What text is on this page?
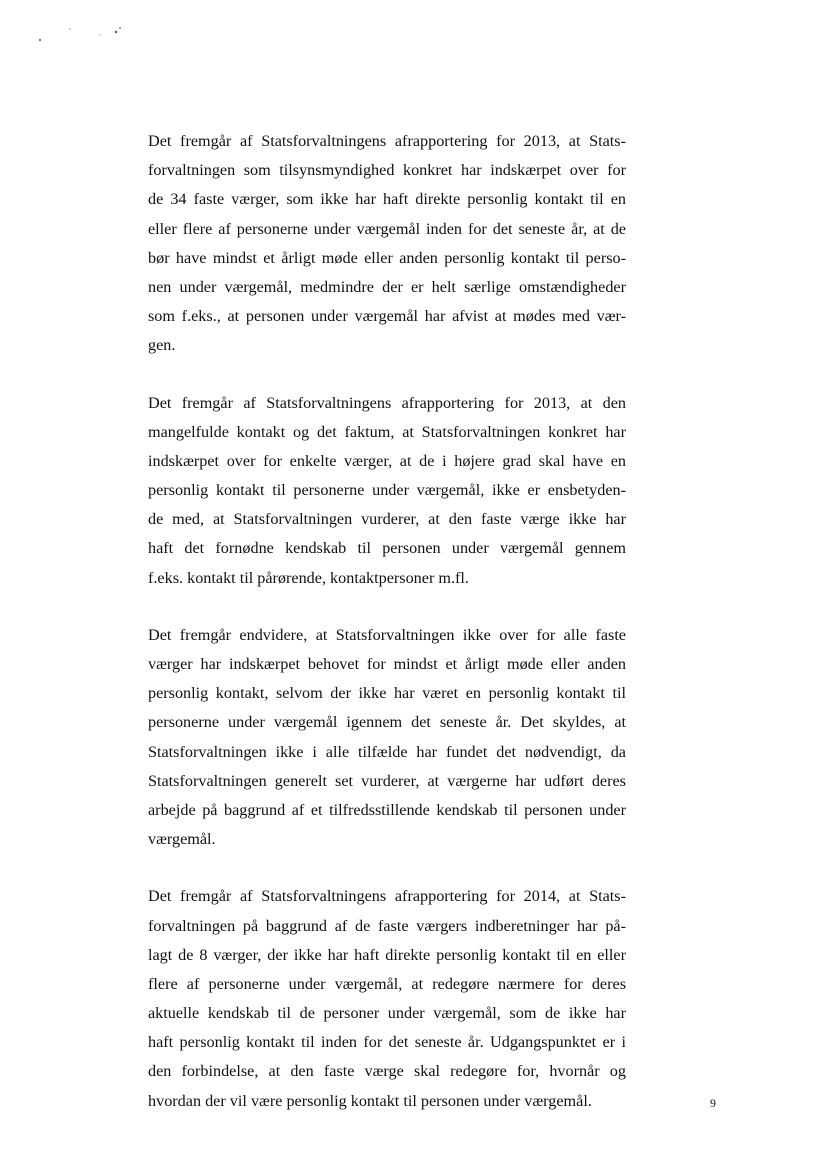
Det fremgår af Statsforvaltningens afrapportering for 2013, at Stats-
forvaltningen som tilsynsmyndighed konkret har indskærpet over for
de 34 faste værger, som ikke har haft direkte personlig kontakt til en
eller flere af personerne under værgemål inden for det seneste år, at de
bør have mindst et årligt møde eller anden personlig kontakt til perso-
nen under værgemål, medmindre der er helt særlige omstændigheder
som f.eks., at personen under værgemål har afvist at mødes med vær-
gen.
Det fremgår af Statsforvaltningens afrapportering for 2013, at den
mangelfulde kontakt og det faktum, at Statsforvaltningen konkret har
indskærpet over for enkelte værger, at de i højere grad skal have en
personlig kontakt til personerne under værgemål, ikke er ensbetyden-
de med, at Statsforvaltningen vurderer, at den faste værge ikke har
haft det fornødne kendskab til personen under værgemål gennem
f.eks. kontakt til pårørende, kontaktpersoner m.fl.
Det fremgår endvidere, at Statsforvaltningen ikke over for alle faste
værger har indskærpet behovet for mindst et årligt møde eller anden
personlig kontakt, selvom der ikke har været en personlig kontakt til
personerne under værgemål igennem det seneste år. Det skyldes, at
Statsforvaltningen ikke i alle tilfælde har fundet det nødvendigt, da
Statsforvaltningen generelt set vurderer, at værgerne har udført deres
arbejde på baggrund af et tilfredsstillende kendskab til personen under
værgemål.
Det fremgår af Statsforvaltningens afrapportering for 2014, at Stats-
forvaltningen på baggrund af de faste værgers indberetninger har på-
lagt de 8 værger, der ikke har haft direkte personlig kontakt til en eller
flere af personerne under værgemål, at redegøre nærmere for deres
aktuelle kendskab til de personer under værgemål, som de ikke har
haft personlig kontakt til inden for det seneste år. Udgangspunktet er i
den forbindelse, at den faste værge skal redegøre for, hvornår og
hvordan der vil være personlig kontakt til personen under værgemål.	9
